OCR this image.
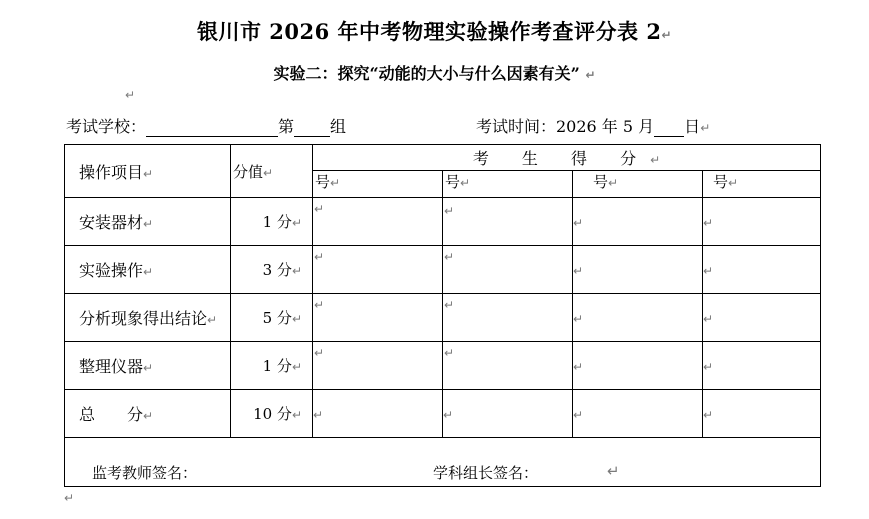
银川市 2026 年中考物理实验操作考查评分表 2↵
实验二：探究“动能的大小与什么因素有关” ↵
↵
考试学校：	第 组	考试时间：2026 年 5 月 日↵
操作项目↵	分值↵	考 生 得 分↵			
		号↵	号↵	号↵	号↵
安装器材↵	1 分↵	↵	↵	↵	↵
实验操作↵	3 分↵	↵	↵	↵	↵
分析现象得出结论↵	5 分↵	↵	↵	↵	↵
整理仪器↵	1 分↵	↵	↵	↵	↵
总　　分↵	10 分↵	↵	↵	↵	↵

监考教师签名： 学科组长签名： ↵					
↵
